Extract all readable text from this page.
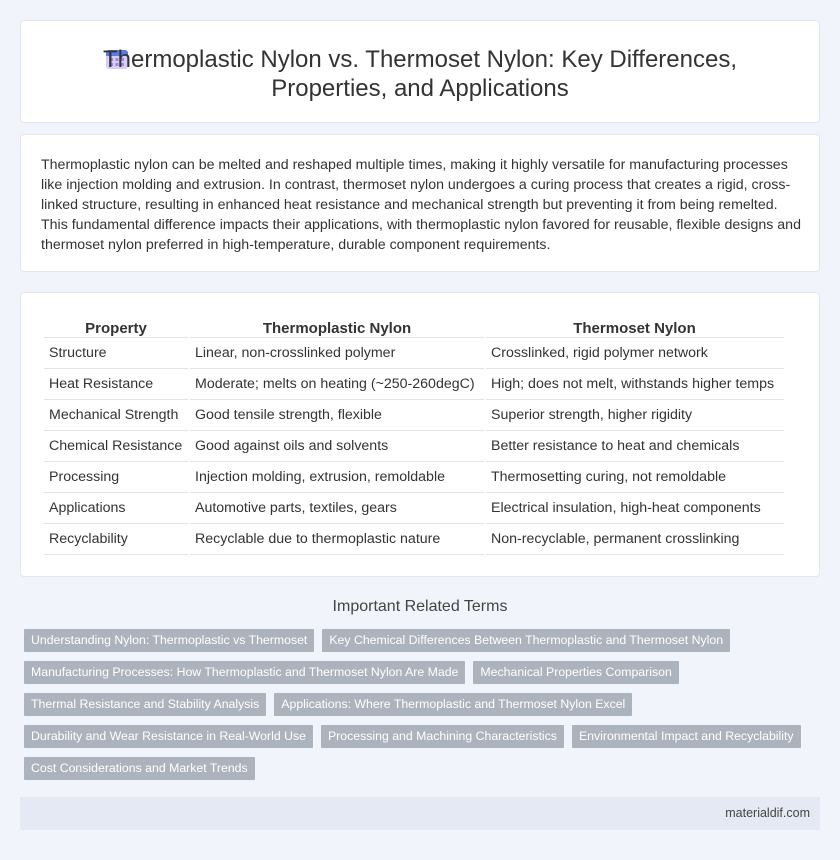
Thermoplastic Nylon vs. Thermoset Nylon: Key Differences, Properties, and Applications

Thermoplastic nylon can be melted and reshaped multiple times, making it highly versatile for manufacturing processes like injection molding and extrusion. In contrast, thermoset nylon undergoes a curing process that creates a rigid, cross-linked structure, resulting in enhanced heat resistance and mechanical strength but preventing it from being remelted. This fundamental difference impacts their applications, with thermoplastic nylon favored for reusable, flexible designs and thermoset nylon preferred in high-temperature, durable component requirements.

Property	Thermoplastic Nylon	Thermoset Nylon
Structure	Linear, non-crosslinked polymer	Crosslinked, rigid polymer network
Heat Resistance	Moderate; melts on heating (~250-260degC)	High; does not melt, withstands higher temps
Mechanical Strength	Good tensile strength, flexible	Superior strength, higher rigidity
Chemical Resistance	Good against oils and solvents	Better resistance to heat and chemicals
Processing	Injection molding, extrusion, remoldable	Thermosetting curing, not remoldable
Applications	Automotive parts, textiles, gears	Electrical insulation, high-heat components
Recyclability	Recyclable due to thermoplastic nature	Non-recyclable, permanent crosslinking
Important Related Terms
Understanding Nylon: Thermoplastic vs Thermoset	Key Chemical Differences Between Thermoplastic and Thermoset Nylon
Manufacturing Processes: How Thermoplastic and Thermoset Nylon Are Made	Mechanical Properties Comparison
Thermal Resistance and Stability Analysis	Applications: Where Thermoplastic and Thermoset Nylon Excel
Durability and Wear Resistance in Real-World Use	Processing and Machining Characteristics	Environmental Impact and Recyclability
Cost Considerations and Market Trends
materialdif.com
